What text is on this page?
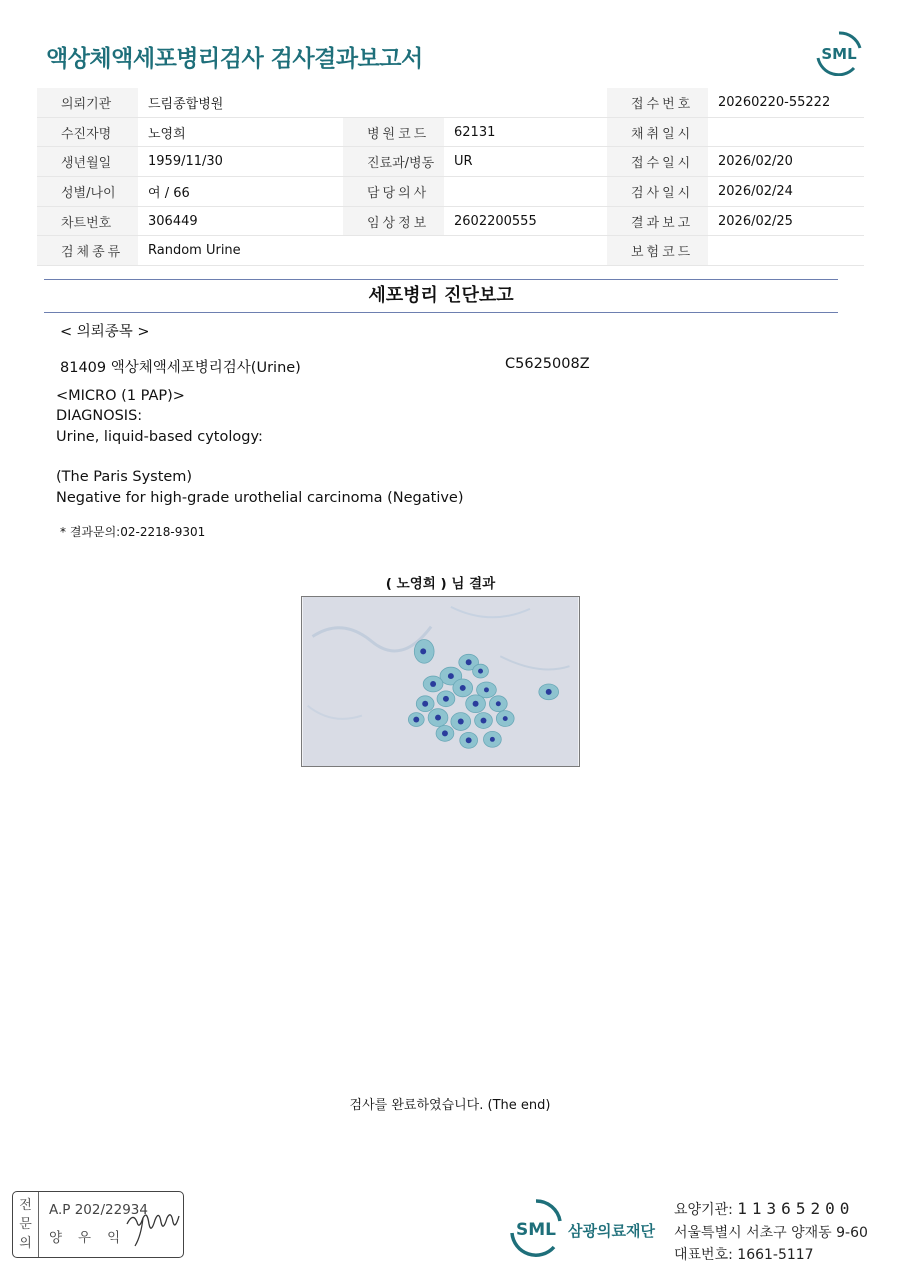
액상체액세포병리검사 검사결과보고서	SML
의뢰기관	드림종합병원			접수번호	20260220-55222
수진자명	노영희	병원코드	62131	채취일시	
생년월일	1959/11/30	진료과/병동	UR	접수일시	2026/02/20
성별/나이	여 / 66	담당의사		검사일시	2026/02/24
차트번호	306449	임상정보	2602200555	결과보고	2026/02/25
검체종류	Random Urine			보험코드	
세포병리 진단보고
< 의뢰종목 >
81409 액상체액세포병리검사(Urine)	C5625008Z
<MICRO (1 PAP)>
DIAGNOSIS:
Urine, liquid-based cytology:
(The Paris System)
Negative for high-grade urothelial carcinoma (Negative)
* 결과문의:02-2218-9301
( 노영희 ) 님 결과
검사를 완료하였습니다. (The end)
전
문
의
A.P 202/22934
양우익	SML 삼광의료재단
요양기관: 11365200
서울특별시 서초구 양재동 9-60
대표번호: 1661-5117
